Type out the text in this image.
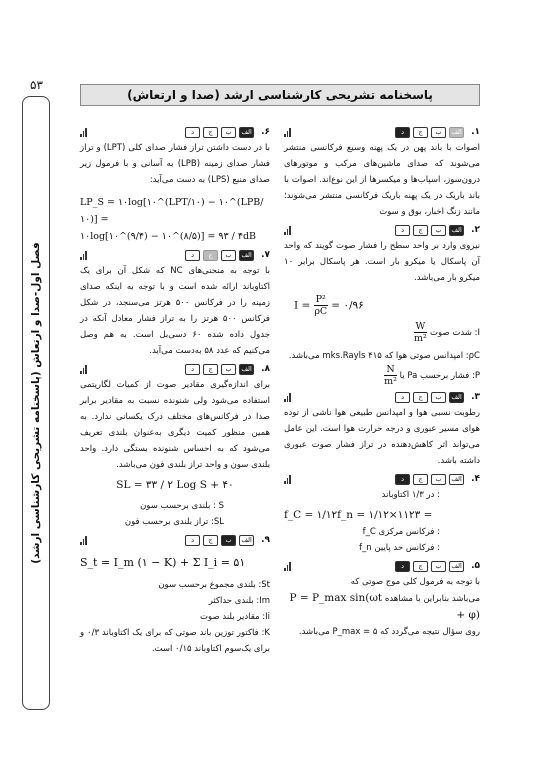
۵۳
فصل اول-صدا و ارتعاش (پاسخنامه تشریحی کارشناسی ارشد)
پاسخنامه تشریحی کارشناسی ارشد (صدا و ارتعاش)
۱.
الف
ب
ج
د

اصوات با باند پهن در یک پهنه وسیع فرکانسی منتشر می‌شوند که صدای ماشین‌های مرکب و موتورهای درون‌سوز، اسپاب‌ها و میکسرها از این نوع‌اند. اصوات با باند باریک در یک پهنه باریک فرکانسی منتشر می‌شوند؛ مانند زنگ اخبار، بوق و سوت

۲.
الف
ب
ج
د

نیروی وارد بر واحد سطح را فشار صوت گویند که واحد آن پاسکال یا میکرو بار است. هر پاسکال برابر ۱۰ میکرو بار می‌باشد.

$I = \frac{\text{P²}}{\rho C}$ = ۰/۹۶
I: شدت صوت
$\frac{W}{\text{m²}}$

ρC: امپدانس صوتی هوا که ۴۱۵ mks.Rayls می‌باشد.

P: فشار برحسب Pa یا
$\frac{N}{\text{m²}}$
۳.
الف
ب
ج
د

رطوبت نسبی هوا و امپدانس طبیعی هوا ناشی از توده هوای مسیر عبوری و درجه حرارت هوا است. این عامل می‌تواند اثر کاهش‌دهنده در تراز فشار صوت عبوری داشته باشد.

۴.
الف
ب
ج
د
: در ۱/۳ اکتاوباند
f_C = ۱/۱۲f_n = ۱/۱۲×۱۱۲۳ =
: فرکانس مرکزی f_C
: فرکانس حد پایین f_n
۵.
الف
ب
ج
د

با توجه به فرمول کلی موج صوتی که

می‌باشد بنابراین با مشاهده P = P_max sin(ωt + φ)

روی سؤال نتیجه می‌گردد که ۵ = P_max می‌باشد.

۶.
الف
ب
ج
د

با در دست داشتن تراز فشار صدای کلی (LPT) و تراز فشار صدای زمینه (LPB) به آسانی و با فرمول زیر صدای منبع (LPS) به دست می‌آید:

LP_S = ۱۰log[۱۰^(LPT/۱۰) − ۱۰^(LPB/۱۰)] =
۱۰log[۱۰^(۹/۴) − ۱۰^(۸/۵)] = ۹۳ / ۴dB
۷.
الف
ب
ج
د

با توجه به منحنی‌های NC که شکل آن برای یک اکتاوباند ارائه شده است و با توجه به اینکه صدای زمینه را در فرکانس ۵۰۰ هرتز می‌سنجد، در شکل فرکانس ۵۰۰ هرتز را به تراز فشار معادل آنکه در جدول داده شده ۶۰ دسی‌بل است. به هم وصل می‌کنیم که عدد ۵۸ به‌دست می‌آید.

۸.
الف
ب
ج
د

برای اندازه‌گیری مقادیر صوت از کمیات لگاریتمی استفاده می‌شود ولی شنونده نسبت به مقادیر برابر صدا در فرکانس‌های مختلف درک یکسانی ندارد. به همین منظور کمیت دیگری به‌عنوان بلندی تعریف می‌شود که به احساس شنونده بستگی دارد. واحد بلندی سون و واحد تراز بلندی فون می‌باشد.

SL = ۳۳ / ۲ Log S + ۴۰
S : بلندی برحسب سون
SL: تراز بلندی برحسب فون
۹.
الف
ب
ج
د
S_t = I_m (۱ − K) + Σ I_i = ۵۱
St: بلندی مجموع برحسب سون
Im: بلندی حداکثر
Ii: مقادیر بلند صوت

K: فاکتور توزین باند صوتی که برای یک اکتاوباند ۰/۳ و برای یک‌سوم اکتاوباند ۰/۱۵ است.
